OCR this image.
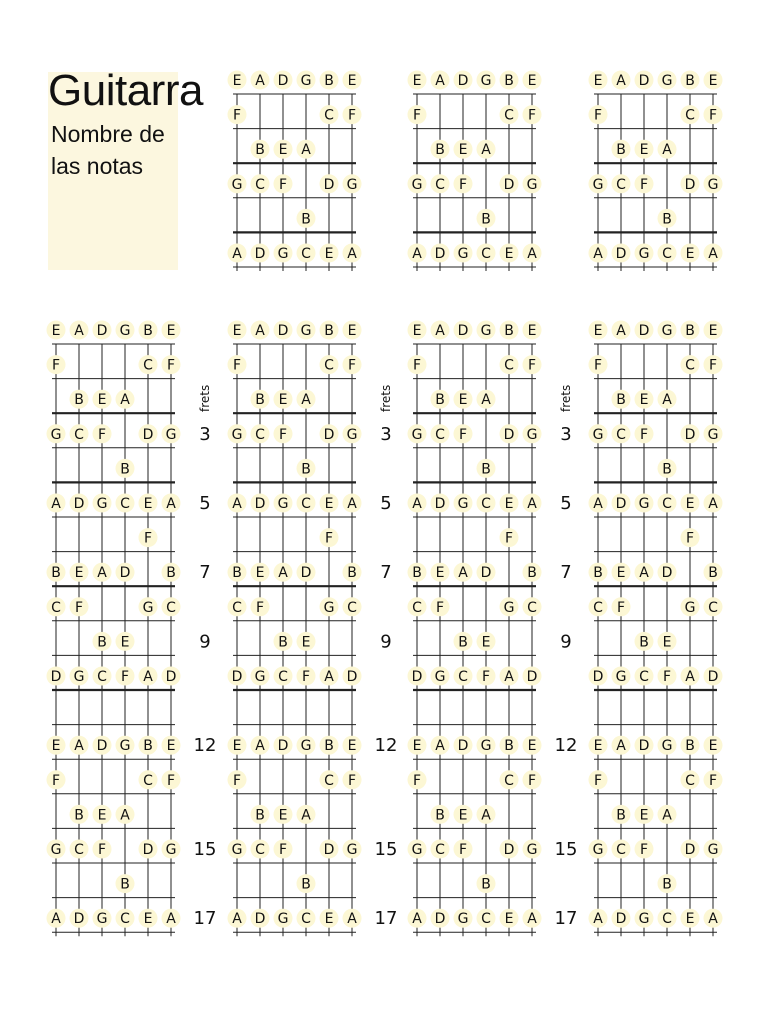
Guitarra
Nombre de
las notas
E A D G B E
F	C F
B E A
G C F	D G
B
A D G C E A
E A D G B E
F	C F
B E A
G C F	D G
B
A D G C E A
E A D G B E
F	C F
B E A
G C F	D G
B
A D G C E A
E A D G B E
F	C F
B E A
G C F	D G
B
A D G C E A
F
B E A D	B
C F	G C
B E
D G C F A D
E A D G B E
F	C F
B E A
G C F	D G
B
A D G C E A
E A D G B E
F	C F
B E A
G C F	D G
B
A D G C E A
F
B E A D	B
C F	G C
B E
D G C F A D
E A D G B E
F	C F
B E A
G C F	D G
B
A D G C E A
E A D G B E
F	C F
B E A
G C F	D G
B
A D G C E A
F
B E A D	B
C F	G C
B E
D G C F A D
E A D G B E
F	C F
B E A
G C F	D G
B
A D G C E A
E A D G B E
F	C F
B E A
G C F	D G
B
A D G C E A
F
B E A D	B
C F	G C
B E
D G C F A D
E A D G B E
F	C F
B E A
G C F	D G
B
A D G C E A
frets
3
5
7
9
12
15
17
frets
3
5
7
9
12
15
17
frets
3
5
7
9
12
15
17
